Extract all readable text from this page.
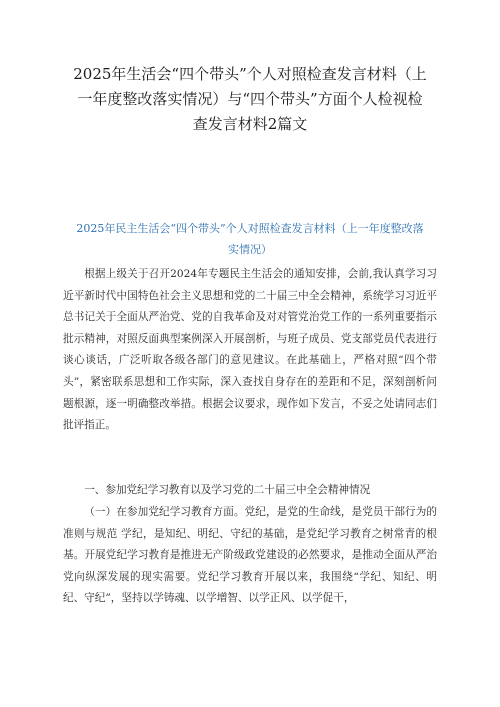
2025年生活会“四个带头”个人对照检查发言材料（上一年度整改落实情况）与“四个带头”方面个人检视检查发言材料2篇文
2025年民主生活会“四个带头”个人对照检查发言材料（上一年度整改落实情况）

根据上级关于召开2024年专题民主生活会的通知安排，会前,我认真学习习近平新时代中国特色社会主义思想和党的二十届三中全会精神，系统学习习近平总书记关于全面从严治党、党的自我革命及对对管党治党工作的一系列重要指示批示精神，对照反面典型案例深入开展剖析，与班子成员、党支部党员代表进行谈心谈话，广泛听取各级各部门的意见建议。在此基础上，严格对照“四个带头”，紧密联系思想和工作实际，深入查找自身存在的差距和不足，深刻剖析问题根源，逐一明确整改举措。根据会议要求，现作如下发言，不妥之处请同志们批评指正。

一、参加党纪学习教育以及学习党的二十届三中全会精神情况

（一）在参加党纪学习教育方面。党纪，是党的生命线，是党员干部行为的准则与规范 学纪，是知纪、明纪、守纪的基础，是党纪学习教育之树常青的根基。开展党纪学习教育是推进无产阶级政党建设的必然要求，是推动全面从严治党向纵深发展的现实需要。党纪学习教育开展以来，我围绕“学纪、知纪、明纪、守纪”，坚持以学铸魂、以学增智、以学正风、以学促干，
